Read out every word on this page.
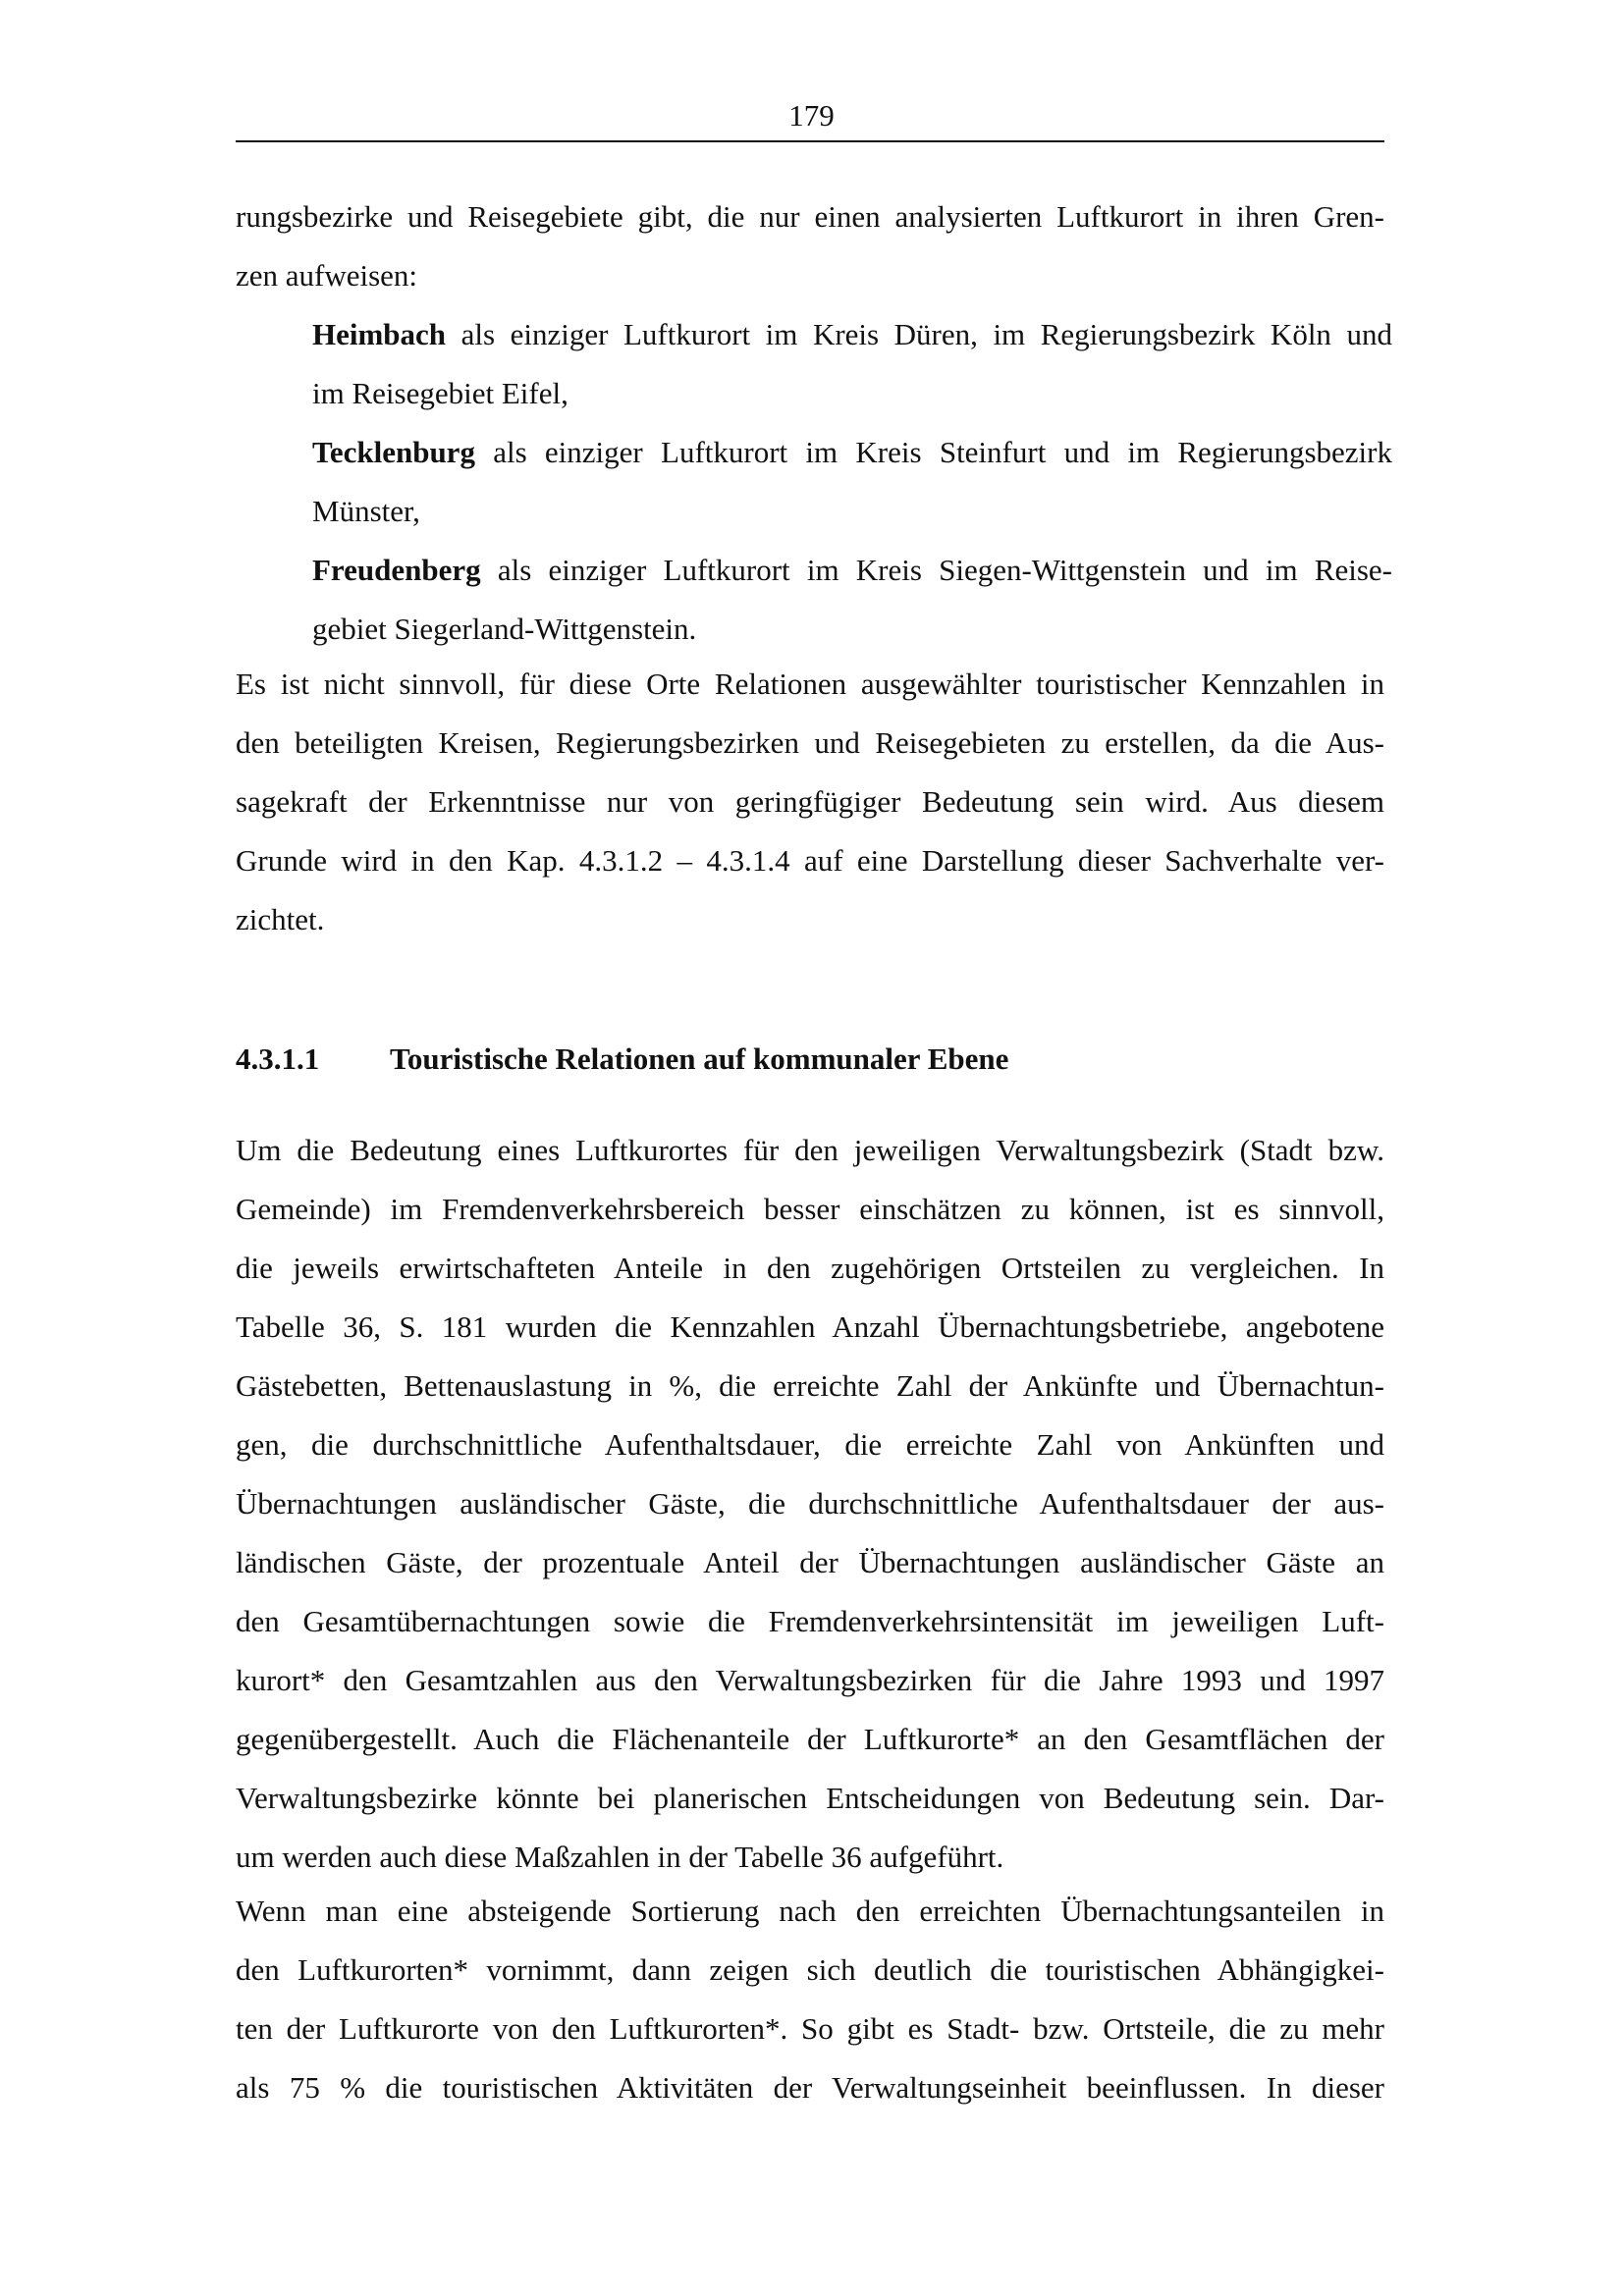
179
rungsbezirke und Reisegebiete gibt, die nur einen analysierten Luftkurort in ihren Gren-
zen aufweisen:
Heimbach als einziger Luftkurort im Kreis Düren, im Regierungsbezirk Köln und
im Reisegebiet Eifel,
Tecklenburg als einziger Luftkurort im Kreis Steinfurt und im Regierungsbezirk
Münster,
Freudenberg als einziger Luftkurort im Kreis Siegen-Wittgenstein und im Reise-
gebiet Siegerland-Wittgenstein.
Es ist nicht sinnvoll, für diese Orte Relationen ausgewählter touristischer Kennzahlen in
den beteiligten Kreisen, Regierungsbezirken und Reisegebieten zu erstellen, da die Aus-
sagekraft der Erkenntnisse nur von geringfügiger Bedeutung sein wird. Aus diesem
Grunde wird in den Kap. 4.3.1.2 – 4.3.1.4 auf eine Darstellung dieser Sachverhalte ver-
zichtet.
4.3.1.1 Touristische Relationen auf kommunaler Ebene
Um die Bedeutung eines Luftkurortes für den jeweiligen Verwaltungsbezirk (Stadt bzw.
Gemeinde) im Fremdenverkehrsbereich besser einschätzen zu können, ist es sinnvoll,
die jeweils erwirtschafteten Anteile in den zugehörigen Ortsteilen zu vergleichen. In
Tabelle 36, S. 181 wurden die Kennzahlen Anzahl Übernachtungsbetriebe, angebotene
Gästebetten, Bettenauslastung in %, die erreichte Zahl der Ankünfte und Übernachtun-
gen, die durchschnittliche Aufenthaltsdauer, die erreichte Zahl von Ankünften und
Übernachtungen ausländischer Gäste, die durchschnittliche Aufenthaltsdauer der aus-
ländischen Gäste, der prozentuale Anteil der Übernachtungen ausländischer Gäste an
den Gesamtübernachtungen sowie die Fremdenverkehrsintensität im jeweiligen Luft-
kurort* den Gesamtzahlen aus den Verwaltungsbezirken für die Jahre 1993 und 1997
gegenübergestellt. Auch die Flächenanteile der Luftkurorte* an den Gesamtflächen der
Verwaltungsbezirke könnte bei planerischen Entscheidungen von Bedeutung sein. Dar-
um werden auch diese Maßzahlen in der Tabelle 36 aufgeführt.
Wenn man eine absteigende Sortierung nach den erreichten Übernachtungsanteilen in
den Luftkurorten* vornimmt, dann zeigen sich deutlich die touristischen Abhängigkei-
ten der Luftkurorte von den Luftkurorten*. So gibt es Stadt- bzw. Ortsteile, die zu mehr
als 75 % die touristischen Aktivitäten der Verwaltungseinheit beeinflussen. In dieser
